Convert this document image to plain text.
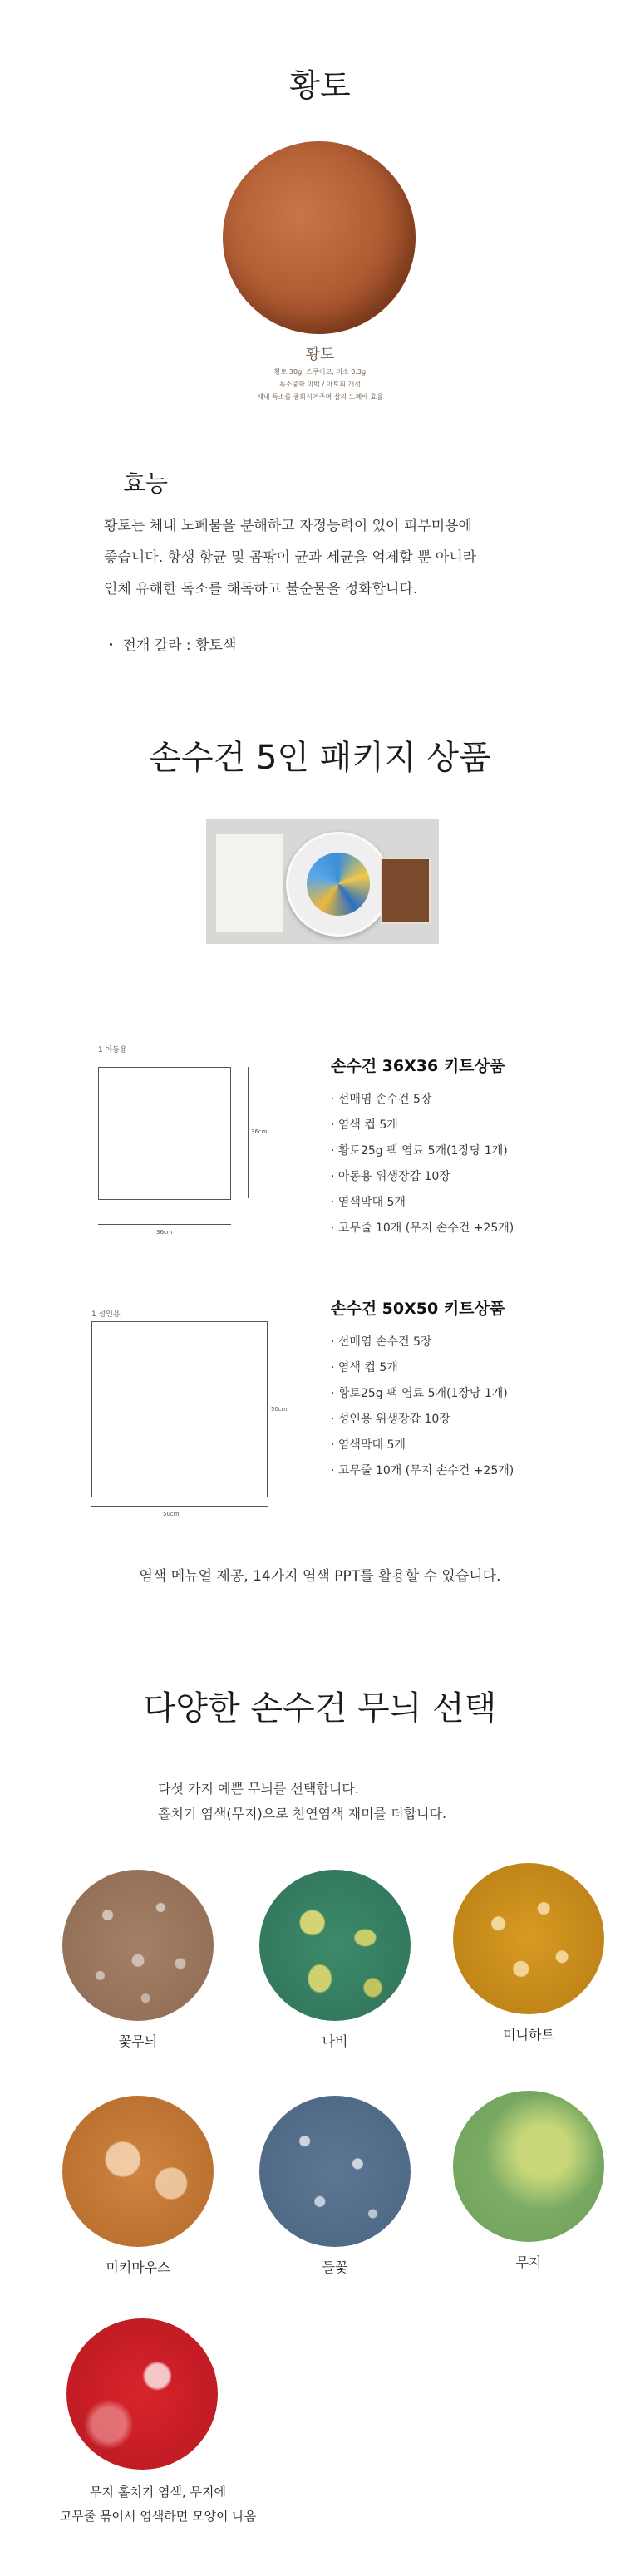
황토
황토
황토 30g, 스쿠어고, 미소 0.3g
독소중화 미백 / 아토피 개선
체내 독소를 중화시켜주며 살의 노폐에 효율
효능
황토는 체내 노폐물을 분해하고 자정능력이 있어 피부미용에
좋습니다. 항생 항균 및 곰팡이 균과 세균을 억제할 뿐 아니라
인체 유해한 독소를 해독하고 불순물을 정화합니다.
・ 전개 칼라 : 황토색
손수건 5인 패키지 상품
1 아동용
36cm
36cm
손수건 36X36 키트상품
· 선매염 손수건 5장
· 염색 컵 5개
· 황토25g 팩 염료 5개(1장당 1개)
· 아동용 위생장갑 10장
· 염색막대 5개
· 고무줄 10개 (무지 손수건 +25개)
1 성인용
50cm
50cm
손수건 50X50 키트상품
· 선매염 손수건 5장
· 염색 컵 5개
· 황토25g 팩 염료 5개(1장당 1개)
· 성인용 위생장갑 10장
· 염색막대 5개
· 고무줄 10개 (무지 손수건 +25개)
염색 메뉴얼 제공, 14가지 염색 PPT를 활용할 수 있습니다.
다양한 손수건 무늬 선택
다섯 가지 예쁜 무늬를 선택합니다.
홀치기 염색(무지)으로 천연염색 재미를 더합니다.
꽃무늬	나비	미니하트
미키마우스	들꽃	무지
무지 홀치기 염색, 무지에
고무줄 묶어서 염색하면 모양이 나옴
